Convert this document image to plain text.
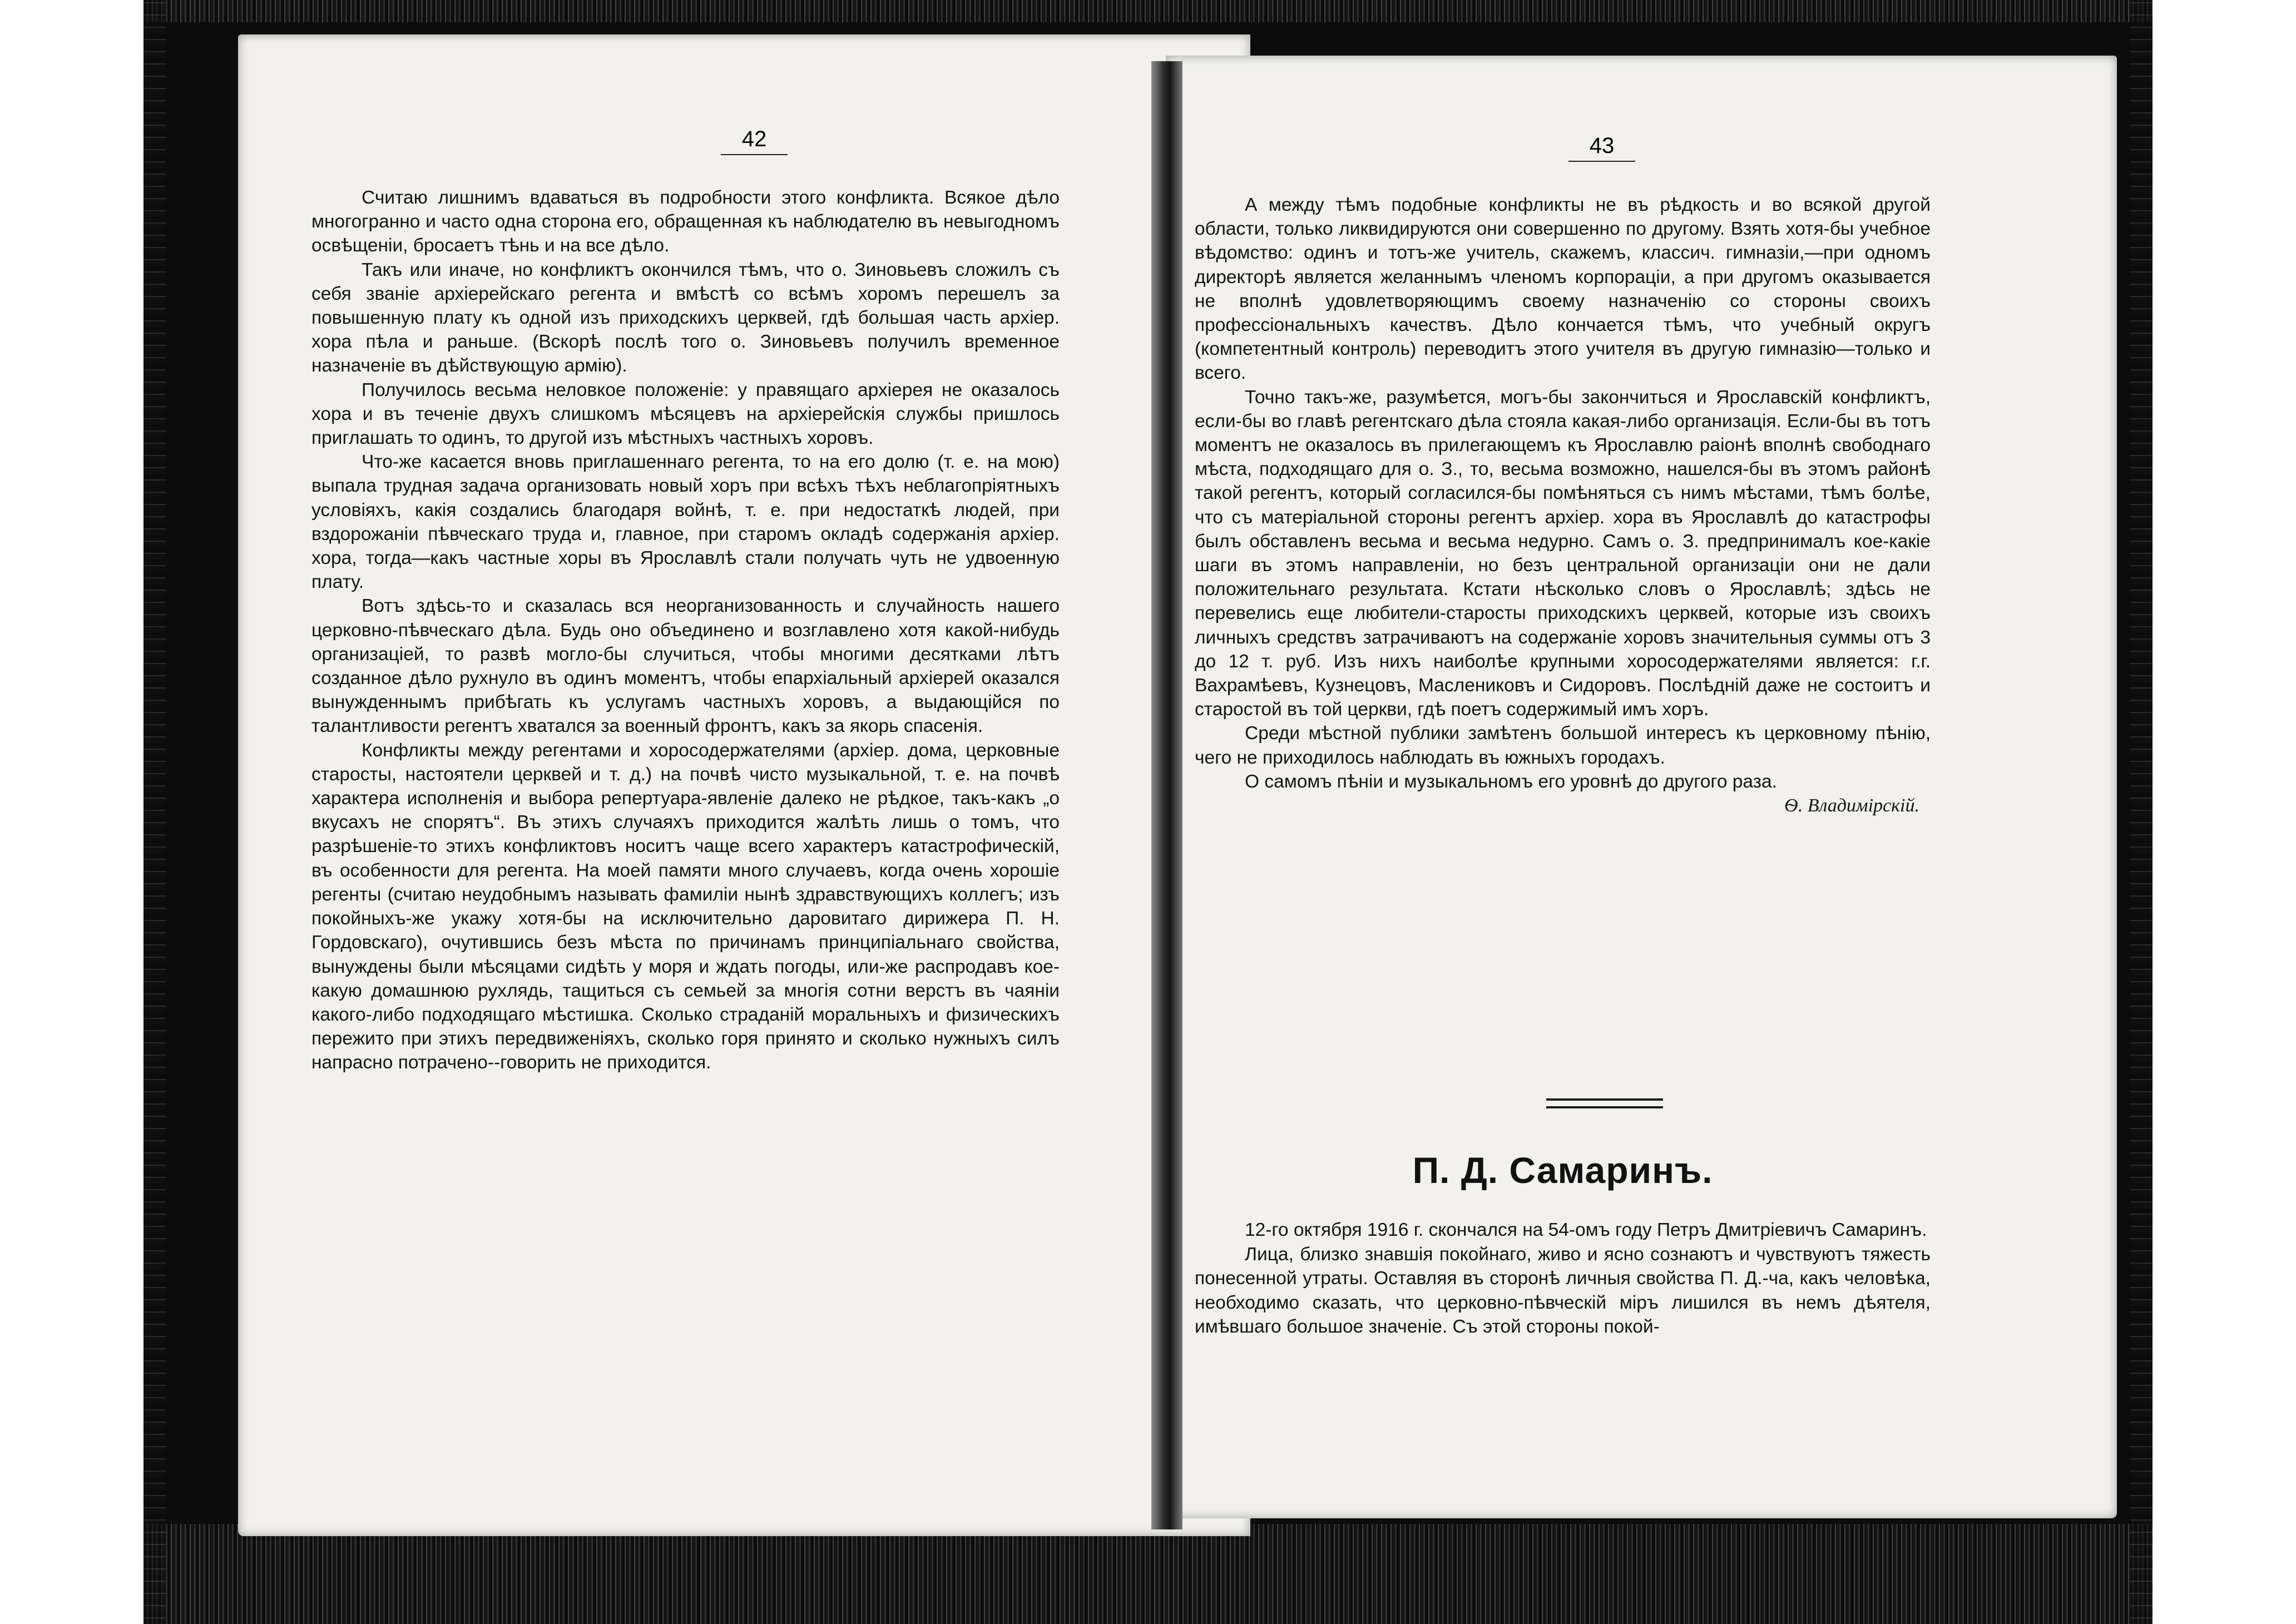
42	43

Считаю лишнимъ вдаваться въ подробности этого конфликта. Всякое дѣло многогранно и часто одна сторона его, обращенная къ наблюдателю въ невыгодномъ освѣщеніи, бросаетъ тѣнь и на все дѣло.

Такъ или иначе, но конфликтъ окончился тѣмъ, что о. Зиновьевъ сложилъ съ себя званіе архіерейскаго регента и вмѣстѣ со всѣмъ хоромъ перешелъ за повышенную плату къ одной изъ приходскихъ церквей, гдѣ большая часть архіер. хора пѣла и раньше. (Вскорѣ послѣ того о. Зиновьевъ получилъ временное назначеніе въ дѣйствующую армію).

Получилось весьма неловкое положеніе: у правящаго архіерея не оказалось хора и въ теченіе двухъ слишкомъ мѣсяцевъ на архіерейскія службы пришлось приглашать то одинъ, то другой изъ мѣстныхъ частныхъ хоровъ.

Что-же касается вновь приглашеннаго регента, то на его долю (т. е. на мою) выпала трудная задача организовать новый хоръ при всѣхъ тѣхъ неблагопріятныхъ условіяхъ, какія создались благодаря войнѣ, т. е. при недостаткѣ людей, при вздорожаніи пѣвческаго труда и, главное, при старомъ окладѣ содержанія архіер. хора, тогда—какъ частные хоры въ Ярославлѣ стали получать чуть не удвоенную плату.

Вотъ здѣсь-то и сказалась вся неорганизованность и случайность нашего церковно-пѣвческаго дѣла. Будь оно объединено и возглавлено хотя какой-нибудь организаціей, то развѣ могло-бы случиться, чтобы многими десятками лѣтъ созданное дѣло рухнуло въ одинъ моментъ, чтобы епархіальный архіерей оказался вынужденнымъ прибѣгать къ услугамъ частныхъ хоровъ, а выдающійся по талантливости регентъ хватался за военный фронтъ, какъ за якорь спасенія.

Конфликты между регентами и хоросодержателями (архіер. дома, церковные старосты, настоятели церквей и т. д.) на почвѣ чисто музыкальной, т. е. на почвѣ характера исполненія и выбора репертуара-явленіе далеко не рѣдкое, такъ-какъ „о вкусахъ не спорятъ“. Въ этихъ случаяхъ приходится жалѣть лишь о томъ, что разрѣшеніе-то этихъ конфликтовъ носитъ чаще всего характеръ катастрофическій, въ особенности для регента. На моей памяти много случаевъ, когда очень хорошіе регенты (считаю неудобнымъ называть фамиліи нынѣ здравствующихъ коллегъ; изъ покойныхъ-же укажу хотя-бы на исключительно даровитаго дирижера П. Н. Гордовскаго), очутившись безъ мѣста по причинамъ принципіальнаго свойства, вынуждены были мѣсяцами сидѣть у моря и ждать погоды, или-же распродавъ кое-какую домашнюю рухлядь, тащиться съ семьей за многія сотни верстъ въ чаяніи какого-либо подходящаго мѣстишка. Сколько страданій моральныхъ и физическихъ пережито при этихъ передвиженіяхъ, сколько горя принято и сколько нужныхъ силъ напрасно потрачено--говорить не приходится.

А между тѣмъ подобные конфликты не въ рѣдкость и во всякой другой области, только ликвидируются они совершенно по другому. Взять хотя-бы учебное вѣдомство: одинъ и тотъ-же учитель, скажемъ, классич. гимназіи,—при одномъ директорѣ является желаннымъ членомъ корпораціи, а при другомъ оказывается не вполнѣ удовлетворяющимъ своему назначенію со стороны своихъ профессіональныхъ качествъ. Дѣло кончается тѣмъ, что учебный округъ (компетентный контроль) переводитъ этого учителя въ другую гимназію—только и всего.

Точно такъ-же, разумѣется, могъ-бы закончиться и Ярославскій конфликтъ, если-бы во главѣ регентскаго дѣла стояла какая-либо организація. Если-бы въ тотъ моментъ не оказалось въ прилегающемъ къ Ярославлю раіонѣ вполнѣ свободнаго мѣста, подходящаго для о. З., то, весьма возможно, нашелся-бы въ этомъ районѣ такой регентъ, который согласился-бы помѣняться съ нимъ мѣстами, тѣмъ болѣе, что съ матеріальной стороны регентъ архіер. хора въ Ярославлѣ до катастрофы былъ обставленъ весьма и весьма недурно. Самъ о. З. предпринималъ кое-какіе шаги въ этомъ направленіи, но безъ центральной организаціи они не дали положительнаго результата. Кстати нѣсколько словъ о Ярославлѣ; здѣсь не перевелись еще любители-старосты приходскихъ церквей, которые изъ своихъ личныхъ средствъ затрачиваютъ на содержаніе хоровъ значительныя суммы отъ 3 до 12 т. руб. Изъ нихъ наиболѣе крупными хоросодержателями является: г.г. Вахрамѣевъ, Кузнецовъ, Маслениковъ и Сидоровъ. Послѣдній даже не состоитъ и старостой въ той церкви, гдѣ поетъ содержимый имъ хоръ.

Среди мѣстной публики замѣтенъ большой интересъ къ церковному пѣнію, чего не приходилось наблюдать въ южныхъ городахъ.

О самомъ пѣніи и музыкальномъ его уровнѣ до другого раза.

Ѳ. Владимірскій.
П. Д. Самаринъ.

12-го октября 1916 г. скончался на 54-омъ году Петръ Дмитріевичъ Самаринъ.

Лица, близко знавшія покойнаго, живо и ясно сознаютъ и чувствуютъ тяжесть понесенной утраты. Оставляя въ сторонѣ личныя свойства П. Д.-ча, какъ человѣка, необходимо сказать, что церковно-пѣвческій міръ лишился въ немъ дѣятеля, имѣвшаго большое значеніе. Съ этой стороны покой-
